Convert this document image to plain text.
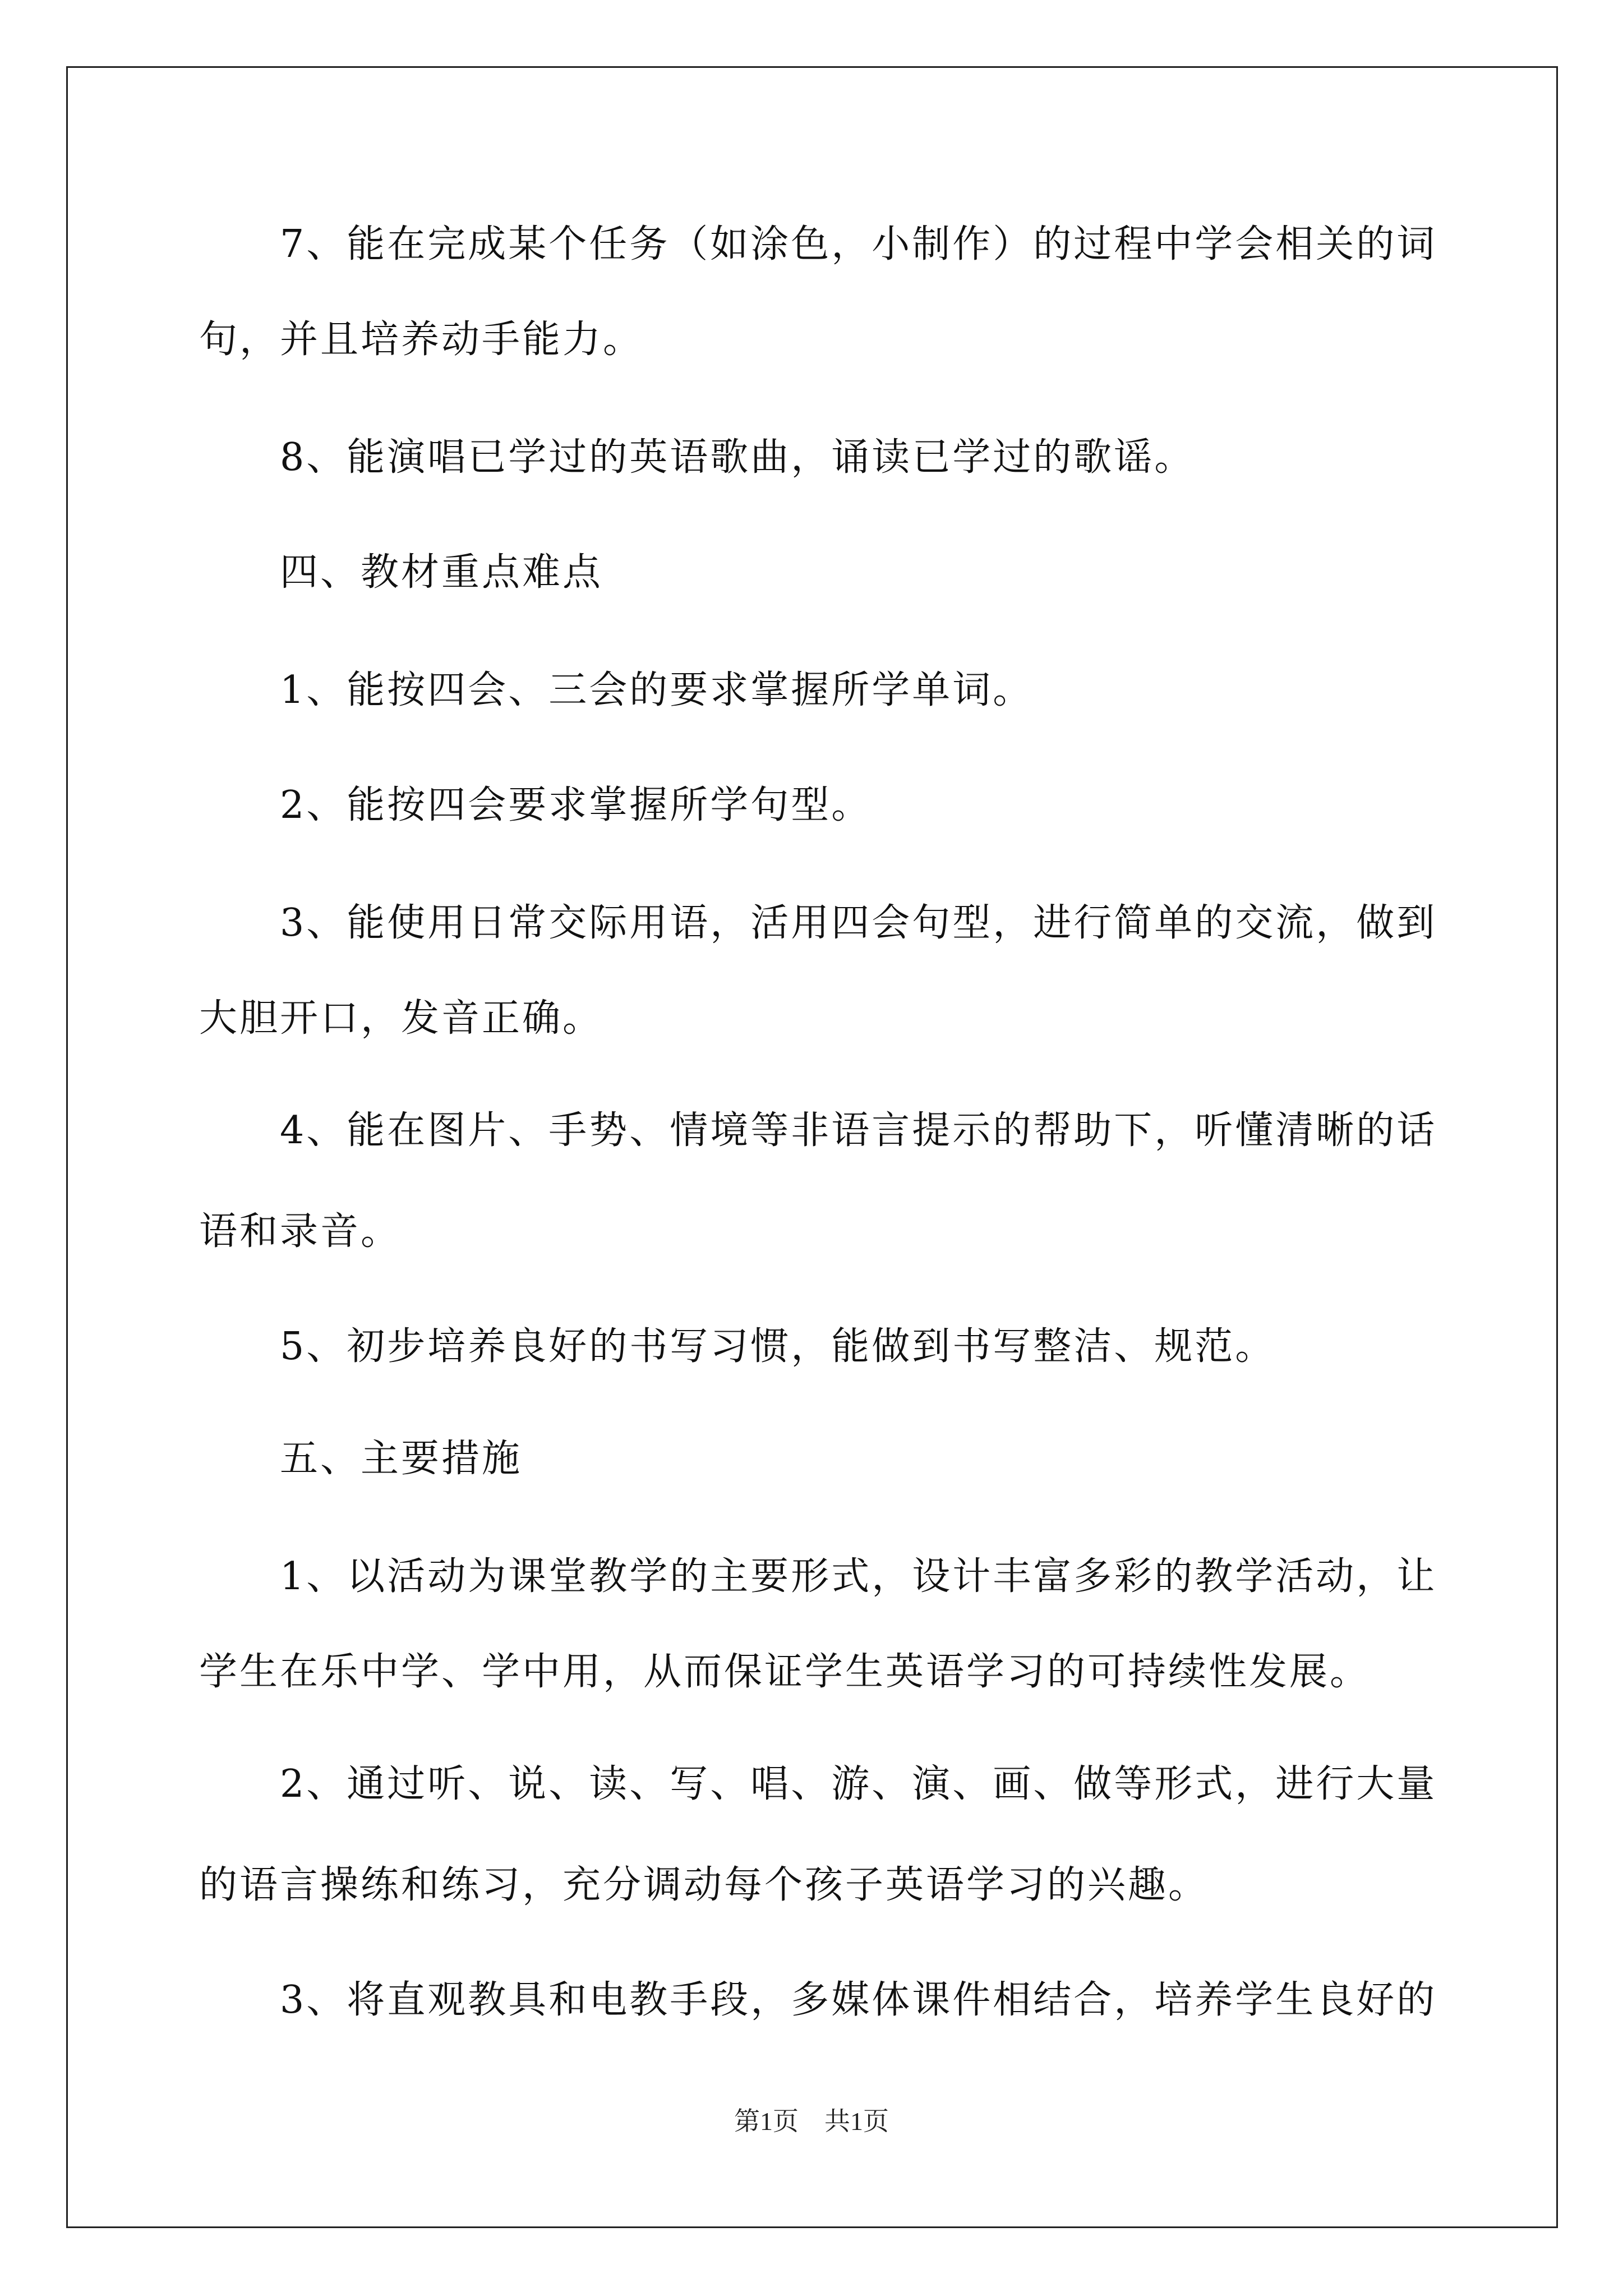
7、能在完成某个任务（如涂色，小制作）的过程中学会相关的词
句，并且培养动手能力。
8、能演唱已学过的英语歌曲，诵读已学过的歌谣。
四、教材重点难点
1、能按四会、三会的要求掌握所学单词。
2、能按四会要求掌握所学句型。
3、能使用日常交际用语，活用四会句型，进行简单的交流，做到
大胆开口，发音正确。
4、能在图片、手势、情境等非语言提示的帮助下，听懂清晰的话
语和录音。
5、初步培养良好的书写习惯，能做到书写整洁、规范。
五、主要措施
1、以活动为课堂教学的主要形式，设计丰富多彩的教学活动，让
学生在乐中学、学中用，从而保证学生英语学习的可持续性发展。
2、通过听、说、读、写、唱、游、演、画、做等形式，进行大量
的语言操练和练习，充分调动每个孩子英语学习的兴趣。
3、将直观教具和电教手段，多媒体课件相结合，培养学生良好的
第1页　共1页
